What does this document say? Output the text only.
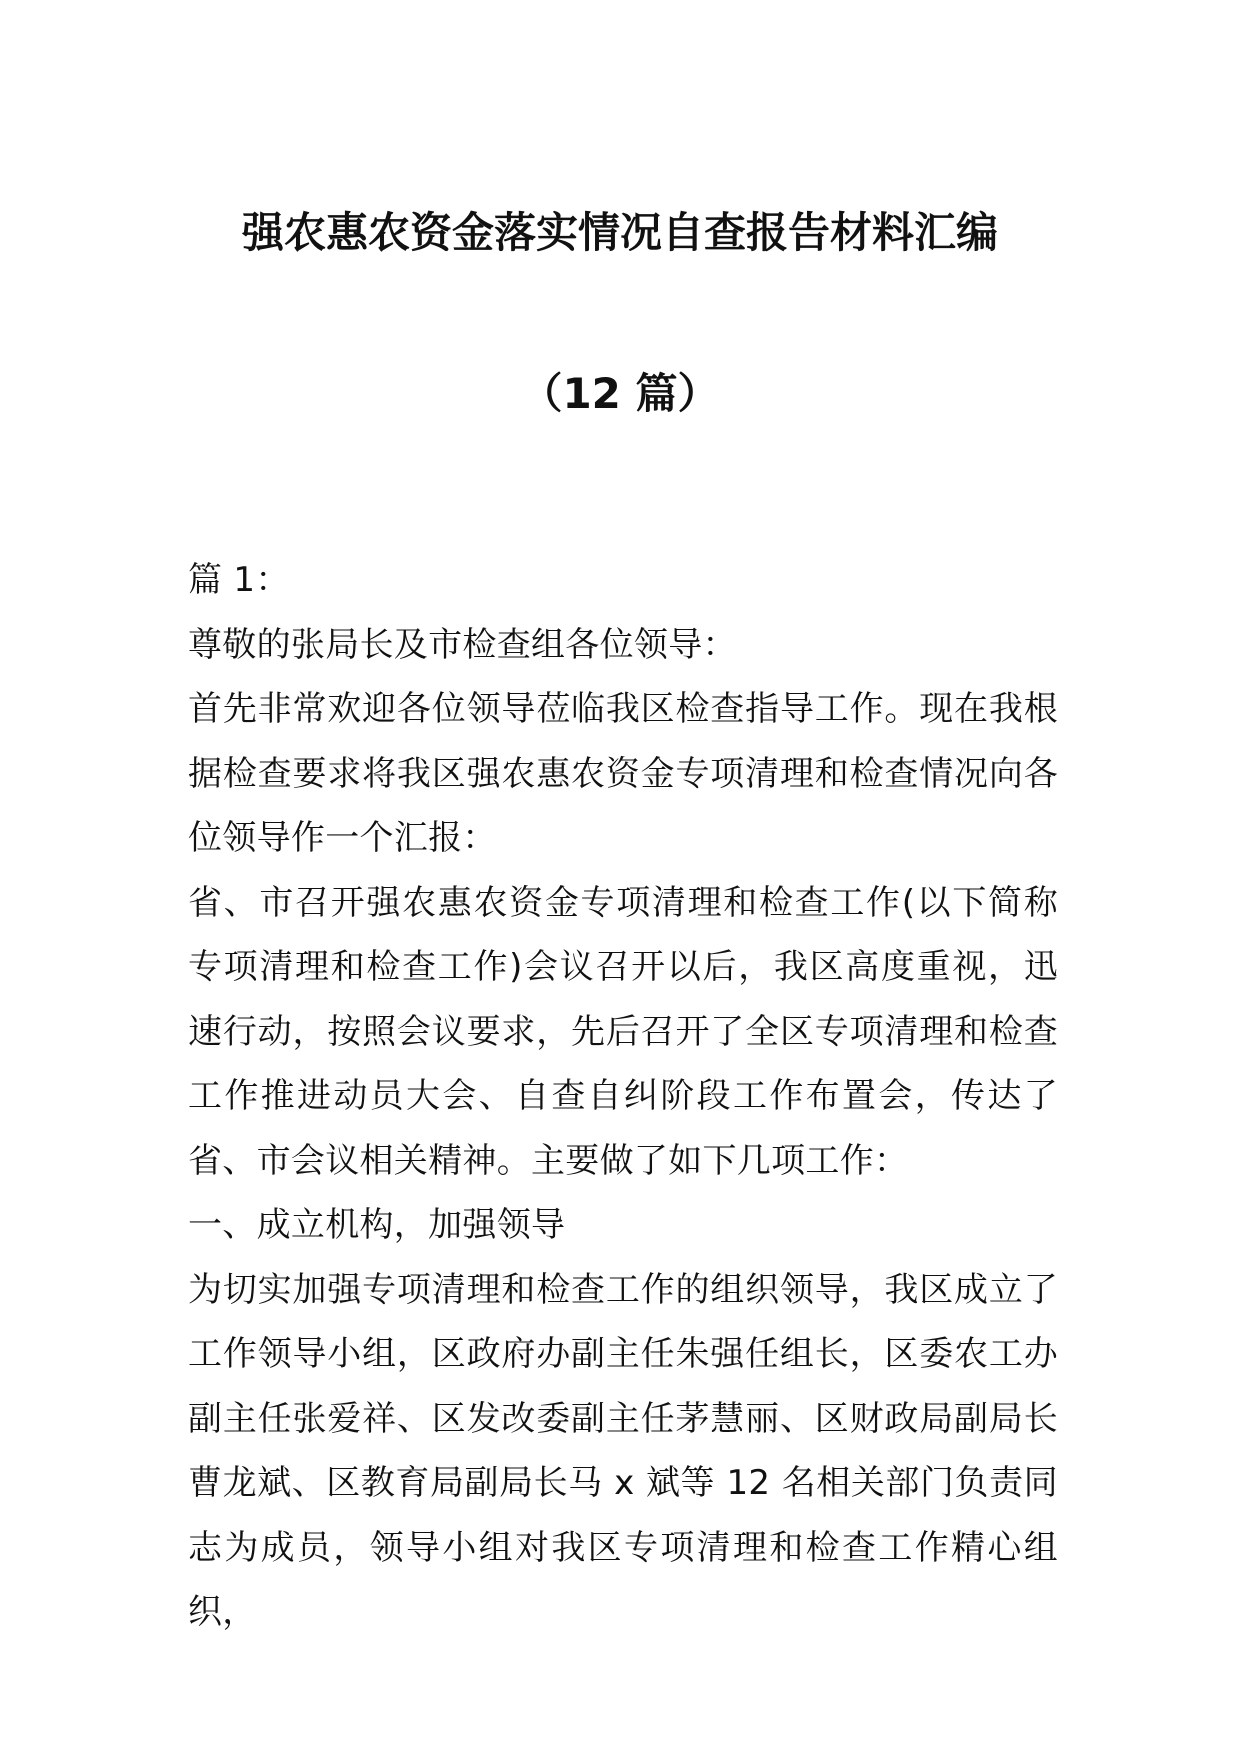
强农惠农资金落实情况自查报告材料汇编
（12 篇）

篇 1：

尊敬的张局长及市检查组各位领导：

首先非常欢迎各位领导莅临我区检查指导工作。现在我根据检查要求将我区强农惠农资金专项清理和检查情况向各位领导作一个汇报：

省、市召开强农惠农资金专项清理和检查工作(以下简称专项清理和检查工作)会议召开以后，我区高度重视，迅速行动，按照会议要求，先后召开了全区专项清理和检查工作推进动员大会、自查自纠阶段工作布置会，传达了省、市会议相关精神。主要做了如下几项工作：

一、成立机构，加强领导

为切实加强专项清理和检查工作的组织领导，我区成立了工作领导小组，区政府办副主任朱强任组长，区委农工办副主任张爱祥、区发改委副主任茅慧丽、区财政局副局长曹龙斌、区教育局副局长马 x 斌等 12 名相关部门负责同志为成员，领导小组对我区专项清理和检查工作精心组织，
